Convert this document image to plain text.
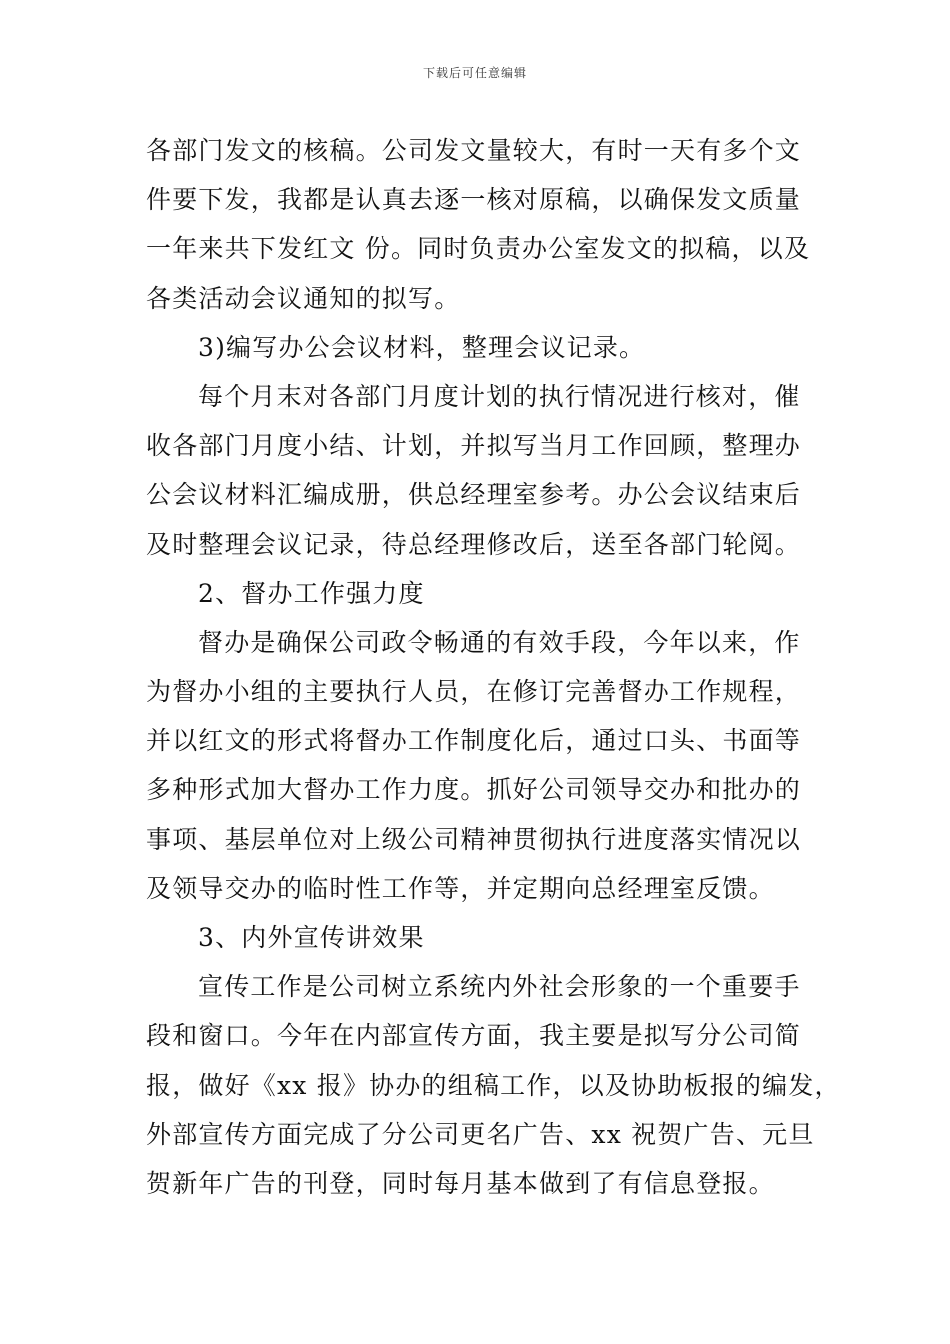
下载后可任意编辑
各部门发文的核稿。公司发文量较大，有时一天有多个文
件要下发，我都是认真去逐一核对原稿，以确保发文质量
一年来共下发红文 份。同时负责办公室发文的拟稿，以及
各类活动会议通知的拟写。
3)编写办公会议材料，整理会议记录。
每个月末对各部门月度计划的执行情况进行核对，催
收各部门月度小结、计划，并拟写当月工作回顾，整理办
公会议材料汇编成册，供总经理室参考。办公会议结束后
及时整理会议记录，待总经理修改后，送至各部门轮阅。
2、督办工作强力度
督办是确保公司政令畅通的有效手段，今年以来，作
为督办小组的主要执行人员，在修订完善督办工作规程，
并以红文的形式将督办工作制度化后，通过口头、书面等
多种形式加大督办工作力度。抓好公司领导交办和批办的
事项、基层单位对上级公司精神贯彻执行进度落实情况以
及领导交办的临时性工作等，并定期向总经理室反馈。
3、内外宣传讲效果
宣传工作是公司树立系统内外社会形象的一个重要手
段和窗口。今年在内部宣传方面，我主要是拟写分公司简
报，做好《xx 报》协办的组稿工作，以及协助板报的编发，
外部宣传方面完成了分公司更名广告、xx 祝贺广告、元旦
贺新年广告的刊登，同时每月基本做到了有信息登报。
